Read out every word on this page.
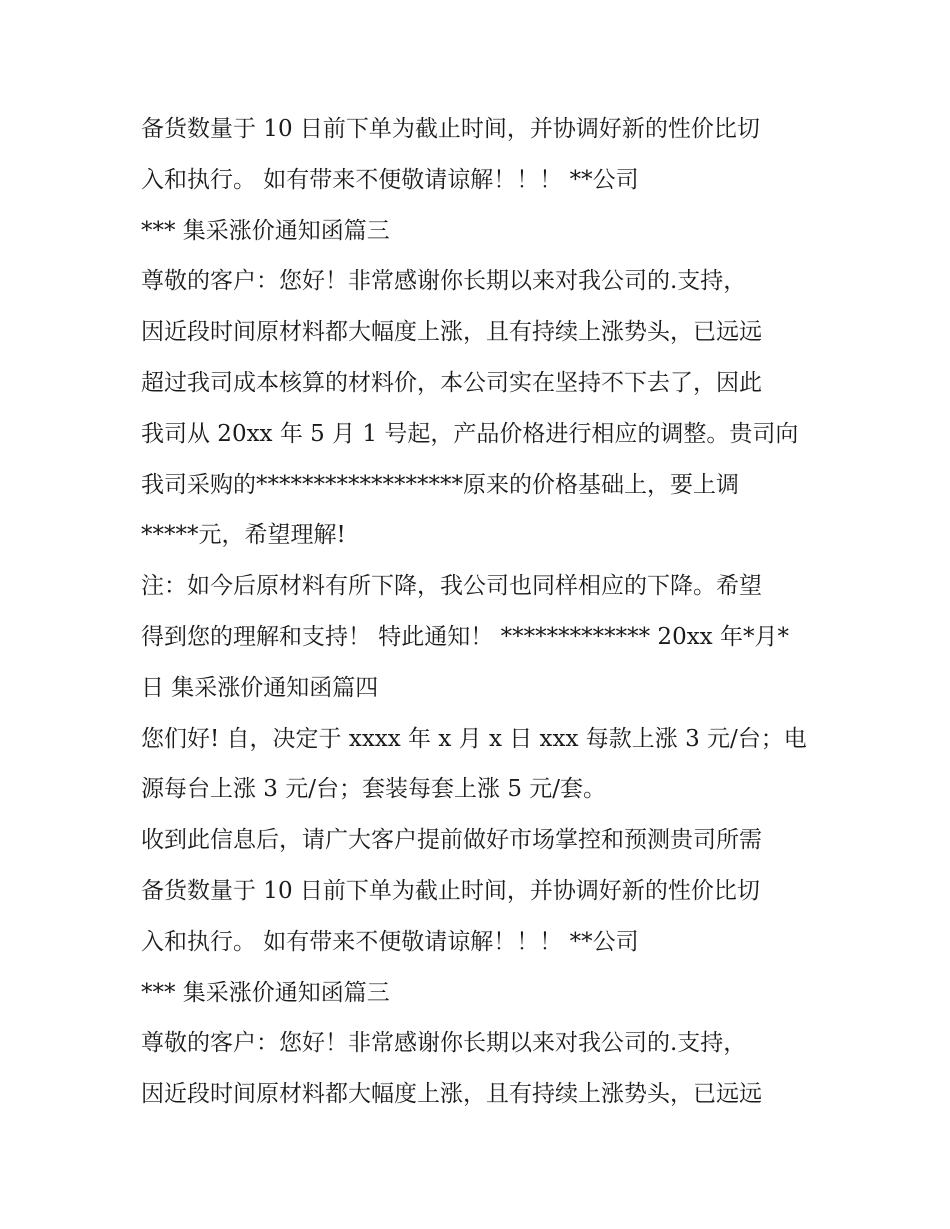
备货数量于 10 日前下单为截止时间，并协调好新的性价比切
入和执行。 如有带来不便敬请谅解！！！ **公司
*** 集采涨价通知函篇三
尊敬的客户：您好！非常感谢你长期以来对我公司的.支持，
因近段时间原材料都大幅度上涨，且有持续上涨势头，已远远
超过我司成本核算的材料价，本公司实在坚持不下去了，因此
我司从 20xx 年 5 月 1 号起，产品价格进行相应的调整。贵司向
我司采购的******************原来的价格基础上，要上调
*****元，希望理解!
注：如今后原材料有所下降，我公司也同样相应的下降。希望
得到您的理解和支持！ 特此通知！ ************* 20xx 年*月*
日 集采涨价通知函篇四
您们好! 自，决定于 xxxx 年 x 月 x 日 xxx 每款上涨 3 元/台；电
源每台上涨 3 元/台；套装每套上涨 5 元/套。
收到此信息后，请广大客户提前做好市场掌控和预测贵司所需
备货数量于 10 日前下单为截止时间，并协调好新的性价比切
入和执行。 如有带来不便敬请谅解！！！ **公司
*** 集采涨价通知函篇三
尊敬的客户：您好！非常感谢你长期以来对我公司的.支持，
因近段时间原材料都大幅度上涨，且有持续上涨势头，已远远
